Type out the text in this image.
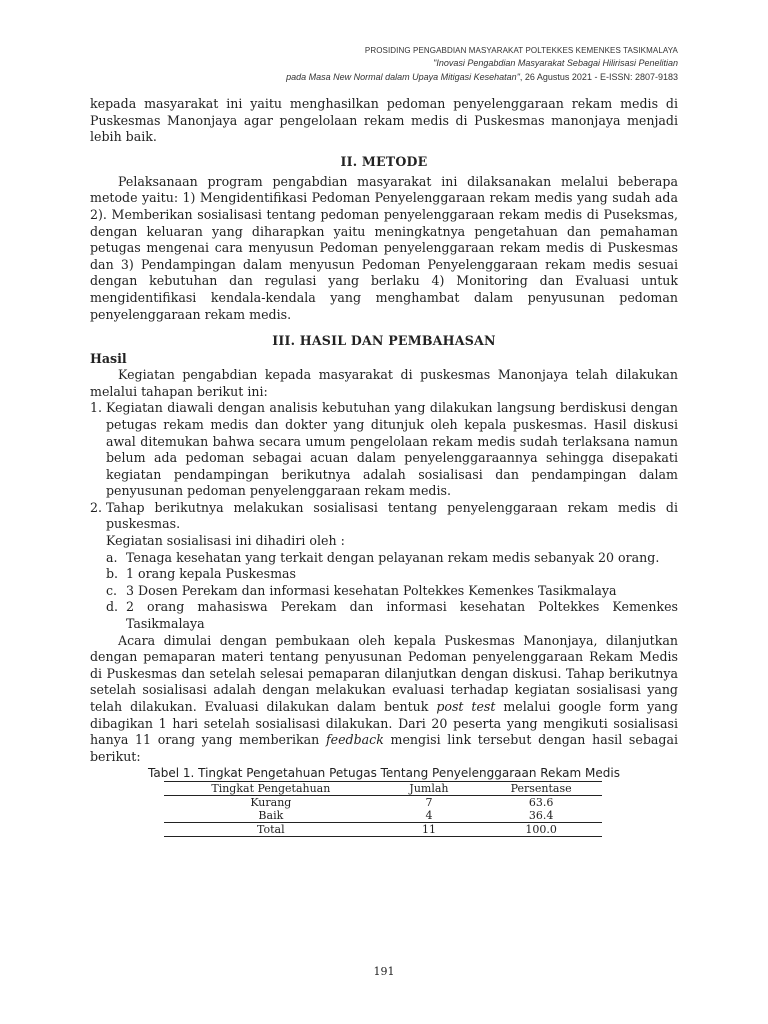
PROSIDING PENGABDIAN MASYARAKAT POLTEKKES KEMENKES TASIKMALAYA
"Inovasi Pengabdian Masyarakat Sebagai Hilirisasi Penelitian
pada Masa New Normal dalam Upaya Mitigasi Kesehatan", 26 Agustus 2021 - E-ISSN: 2807-9183

kepada masyarakat ini yaitu menghasilkan pedoman penyelenggaraan rekam medis di Puskesmas Manonjaya agar pengelolaan rekam medis di Puskesmas manonjaya menjadi lebih baik.

II. METODE

Pelaksanaan program pengabdian masyarakat ini dilaksanakan melalui beberapa metode yaitu: 1) Mengidentifikasi Pedoman Penyelenggaraan rekam medis yang sudah ada 2). Memberikan sosialisasi tentang pedoman penyelenggaraan rekam medis di Puseksmas, dengan keluaran yang diharapkan yaitu meningkatnya pengetahuan dan pemahaman petugas mengenai cara menyusun Pedoman penyelenggaraan rekam medis di Puskesmas dan 3) Pendampingan dalam menyusun Pedoman Penyelenggaraan rekam medis sesuai dengan kebutuhan dan regulasi yang berlaku 4) Monitoring dan Evaluasi untuk mengidentifikasi kendala-kendala yang menghambat dalam penyusunan pedoman penyelenggaraan rekam medis.

III. HASIL DAN PEMBAHASAN

Hasil

Kegiatan pengabdian kepada masyarakat di puskesmas Manonjaya telah dilakukan melalui tahapan berikut ini:

1. Kegiatan diawali dengan analisis kebutuhan yang dilakukan langsung berdiskusi dengan petugas rekam medis dan dokter yang ditunjuk oleh kepala puskesmas. Hasil diskusi awal ditemukan bahwa secara umum pengelolaan rekam medis sudah terlaksana namun belum ada pedoman sebagai acuan dalam penyelenggaraannya sehingga disepakati kegiatan pendampingan berikutnya adalah sosialisasi dan pendampingan dalam penyusunan pedoman penyelenggaraan rekam medis.
2. Tahap berikutnya melakukan sosialisasi tentang penyelenggaraan rekam medis di puskesmas.
Kegiatan sosialisasi ini dihadiri oleh :
a. Tenaga kesehatan yang terkait dengan pelayanan rekam medis sebanyak 20 orang.
b. 1 orang kepala Puskesmas
c. 3 Dosen Perekam dan informasi kesehatan Poltekkes Kemenkes Tasikmalaya
d. 2 orang mahasiswa Perekam dan informasi kesehatan Poltekkes Kemenkes Tasikmalaya

Acara dimulai dengan pembukaan oleh kepala Puskesmas Manonjaya, dilanjutkan dengan pemaparan materi tentang penyusunan Pedoman penyelenggaraan Rekam Medis di Puskesmas dan setelah selesai pemaparan dilanjutkan dengan diskusi. Tahap berikutnya setelah sosialisasi adalah dengan melakukan evaluasi terhadap kegiatan sosialisasi yang telah dilakukan. Evaluasi dilakukan dalam bentuk post test melalui google form yang dibagikan 1 hari setelah sosialisasi dilakukan. Dari 20 peserta yang mengikuti sosialisasi hanya 11 orang yang memberikan feedback mengisi link tersebut dengan hasil sebagai berikut:

Tabel 1. Tingkat Pengetahuan Petugas Tentang Penyelenggaraan Rekam Medis

Tingkat Pengetahuan	Jumlah	Persentase
Kurang	7	63.6
Baik	4	36.4
Total	11	100.0
191
